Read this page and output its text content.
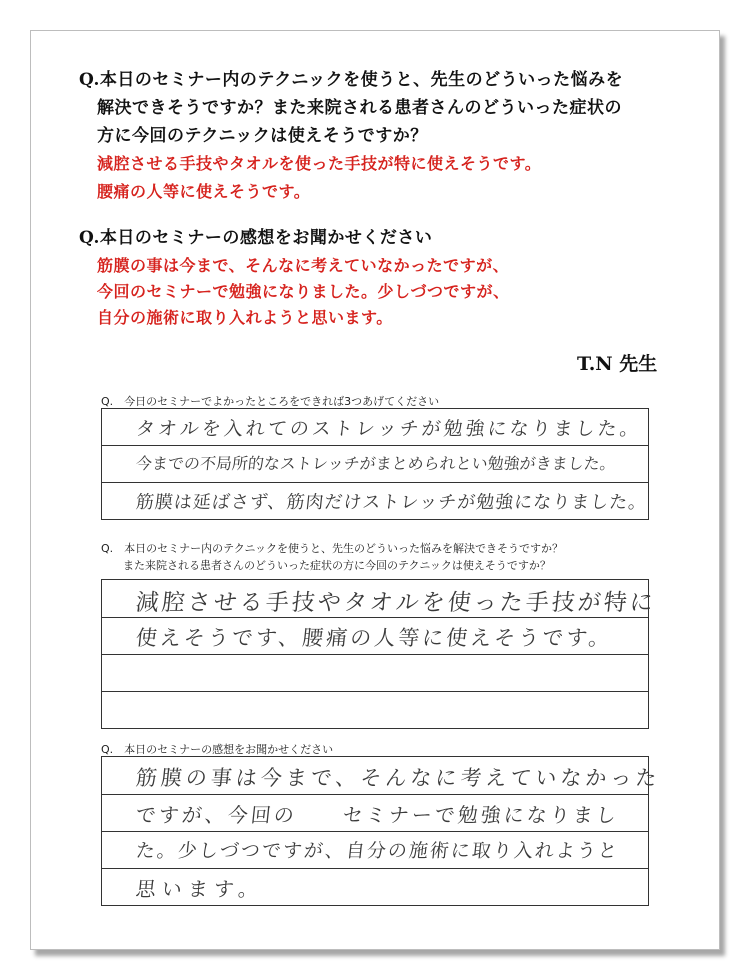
Q.本日のセミナー内のテクニックを使うと、先生のどういった悩みを
解決できそうですか？また来院される患者さんのどういった症状の
方に今回のテクニックは使えそうですか？
減腔させる手技やタオルを使った手技が特に使えそうです。
腰痛の人等に使えそうです。
Q.本日のセミナーの感想をお聞かせください
筋膜の事は今まで、そんなに考えていなかったですが、
今回のセミナーで勉強になりました。少しづつですが、
自分の施術に取り入れようと思います。
T.N 先生
Q.　今日のセミナーでよかったところをできれば3つあげてください
タオルを入れてのストレッチが勉強になりました。
今までの不局所的なストレッチがまとめられとい勉強がきました。
筋膜は延ばさず、筋肉だけストレッチが勉強になりました。
Q.　本日のセミナー内のテクニックを使うと、先生のどういった悩みを解決できそうですか？
　　また来院される患者さんのどういった症状の方に今回のテクニックは使えそうですか？
減腔させる手技やタオルを使った手技が特に
使えそうです、腰痛の人等に使えそうです。
Q.　本日のセミナーの感想をお聞かせください
筋膜の事は今まで、そんなに考えていなかった
ですが、今回の　　セミナーで勉強になりまし
た。少しづつですが、自分の施術に取り入れようと
思います。
